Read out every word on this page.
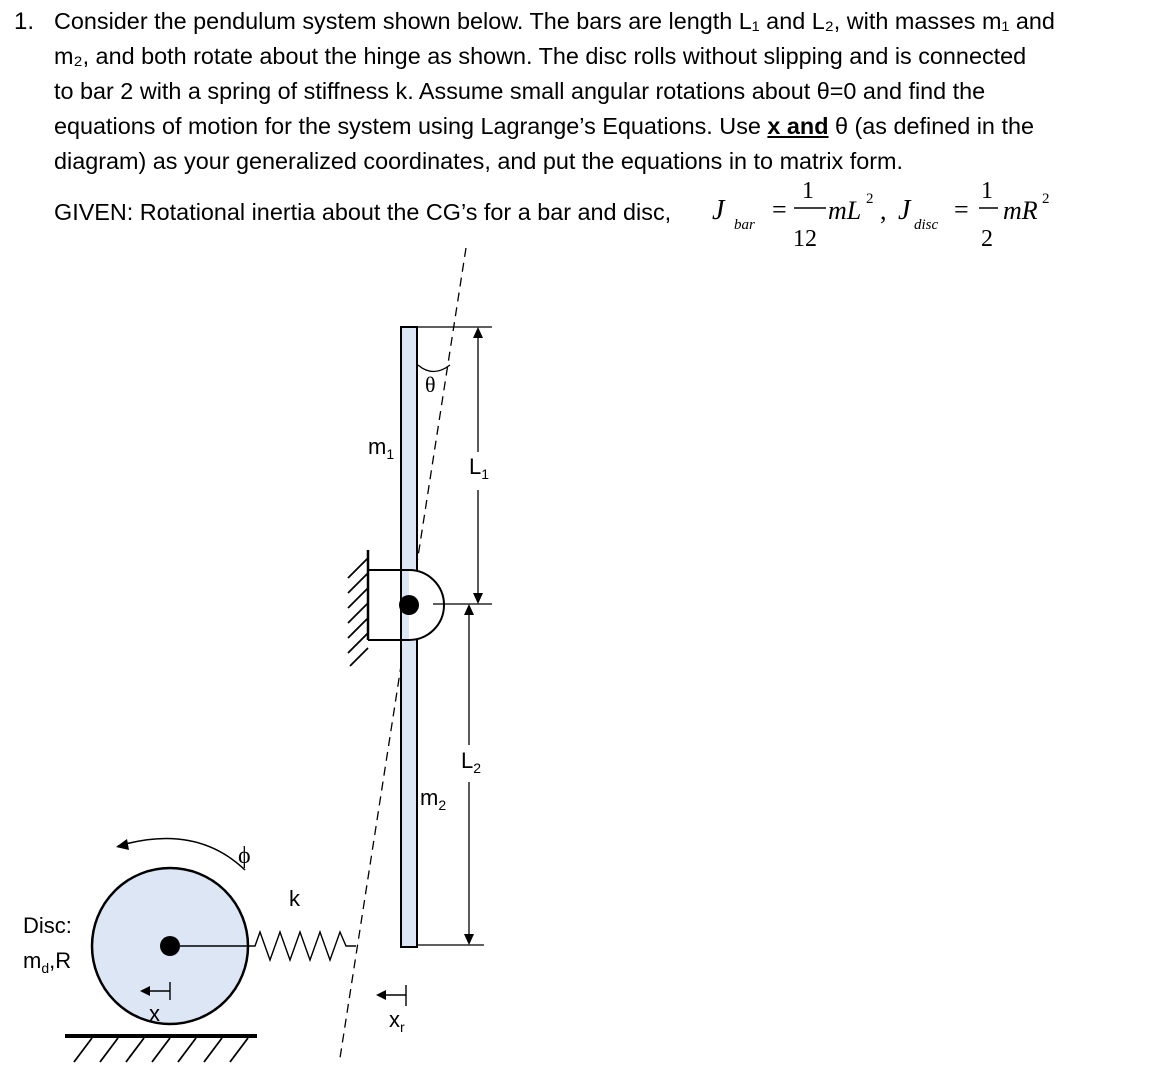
1. Consider the pendulum system shown below. The bars are length L₁ and L₂, with masses m₁ and
m₂, and both rotate about the hinge as shown. The disc rolls without slipping and is connected
to bar 2 with a spring of stiffness k. Assume small angular rotations about θ=0 and find the
equations of motion for the system using Lagrange’s Equations. Use x and θ (as defined in the
diagram) as your generalized coordinates, and put the equations in to matrix form.
GIVEN: Rotational inertia about the CG’s for a bar and disc, J bar
=
1
12
mL 2 , J disc
=
1
2
mR 2
θ
$m_1$
$m_2$
$L_1$
$L_2$
ϕ
k
x	$x_r$
Disc:
$m_d,R$
